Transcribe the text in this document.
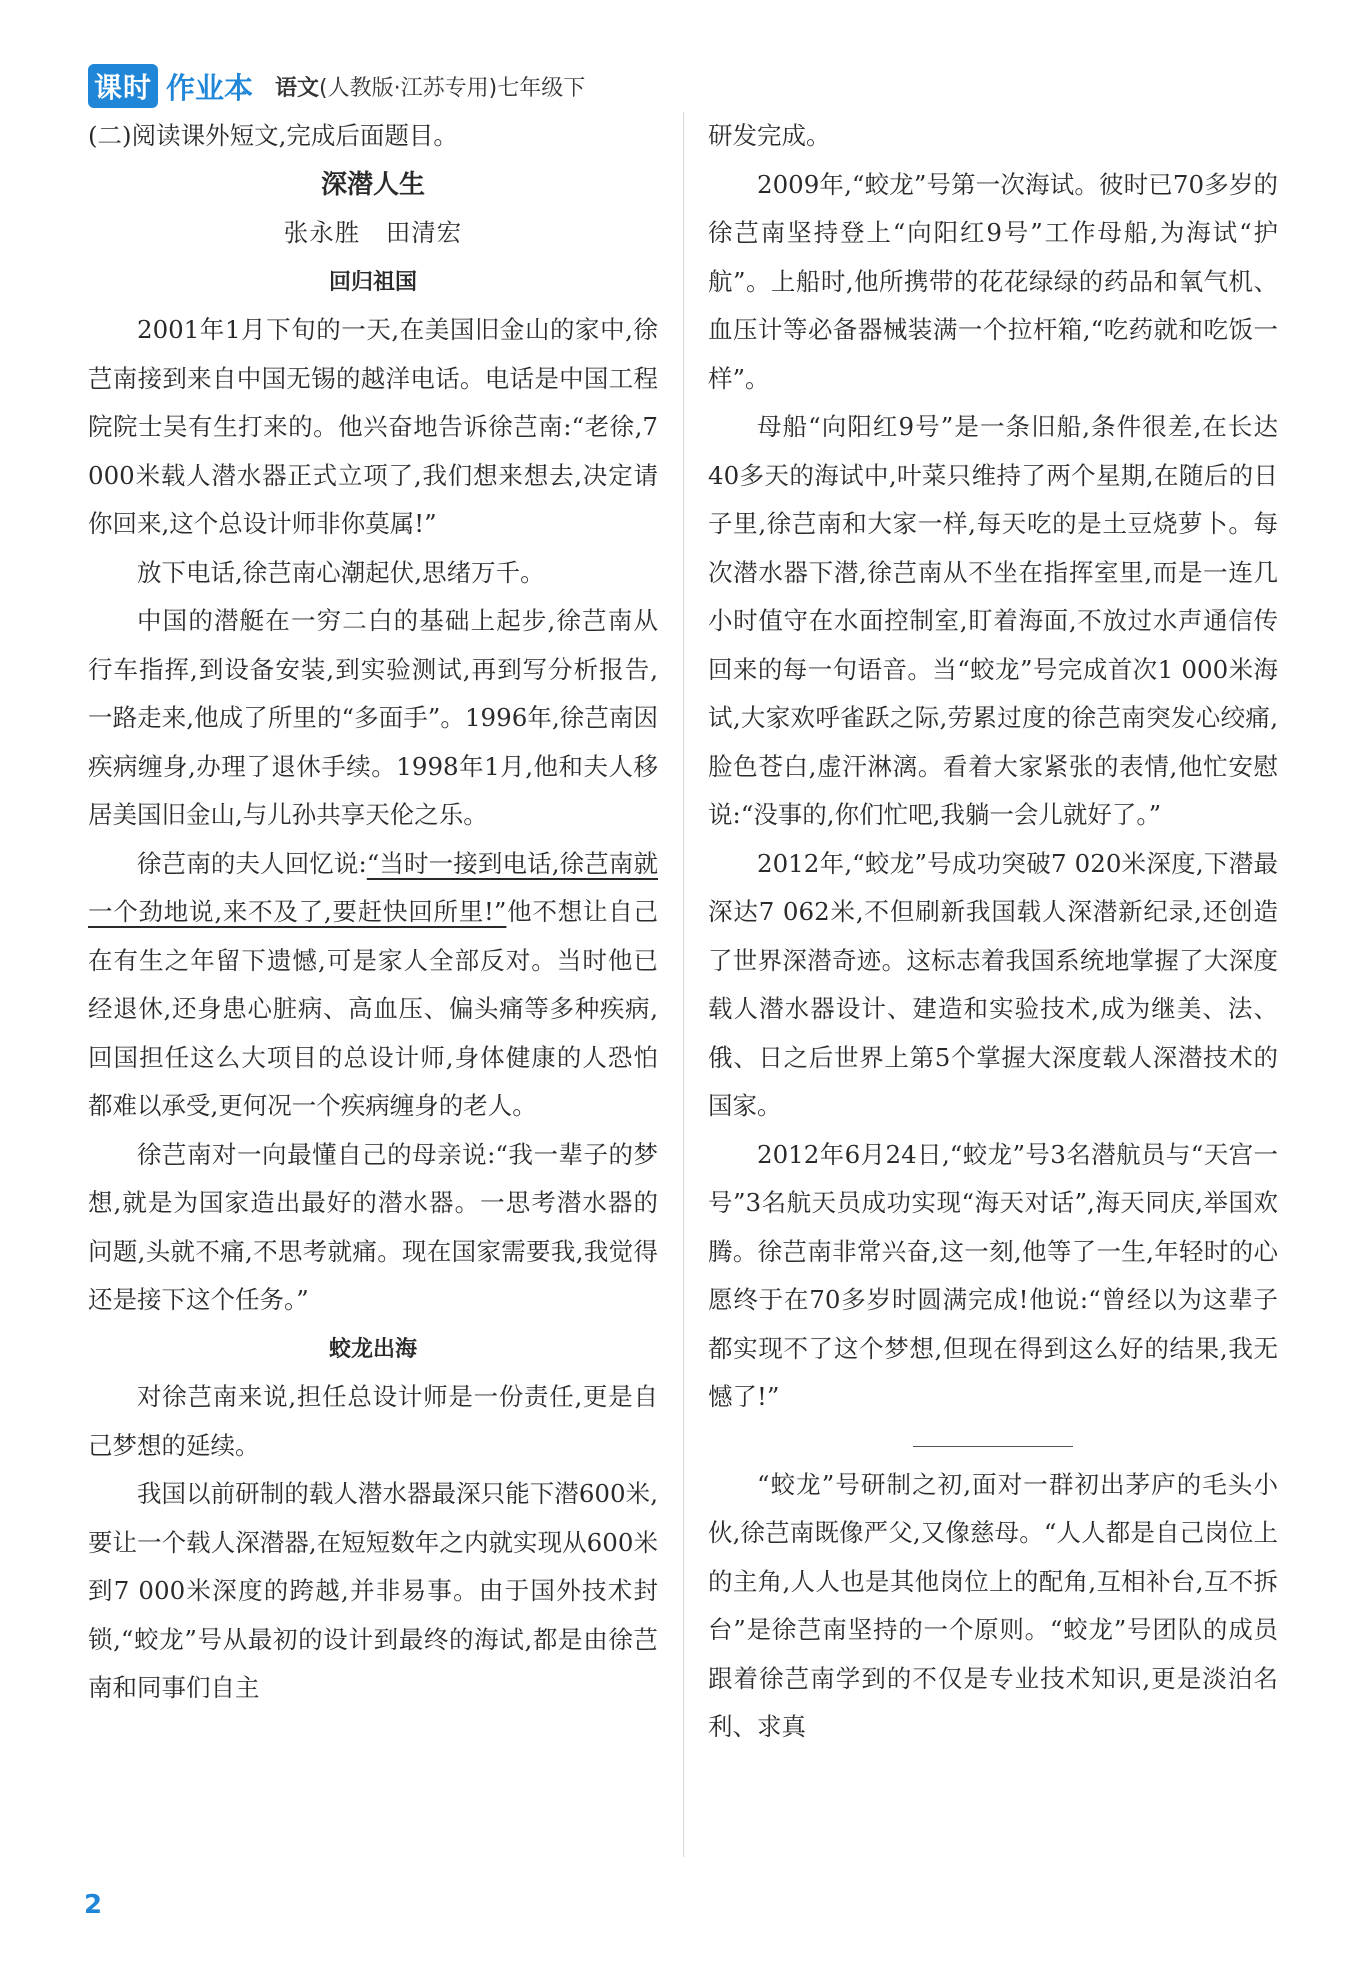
课时 作业本 语文 (人教版·江苏专用)七年级下

(二)阅读课外短文,完成后面题目。

深潜人生

张永胜　田清宏

回归祖国

2001年1月下旬的一天,在美国旧金山的家中,徐芑南接到来自中国无锡的越洋电话。电话是中国工程院院士吴有生打来的。他兴奋地告诉徐芑南:“老徐,7 000米载人潜水器正式立项了,我们想来想去,决定请你回来,这个总设计师非你莫属!”

放下电话,徐芑南心潮起伏,思绪万千。

中国的潜艇在一穷二白的基础上起步,徐芑南从行车指挥,到设备安装,到实验测试,再到写分析报告,一路走来,他成了所里的“多面手”。1996年,徐芑南因疾病缠身,办理了退休手续。1998年1月,他和夫人移居美国旧金山,与儿孙共享天伦之乐。

徐芑南的夫人回忆说:“当时一接到电话,徐芑南就一个劲地说,来不及了,要赶快回所里!”他不想让自己在有生之年留下遗憾,可是家人全部反对。当时他已经退休,还身患心脏病、高血压、偏头痛等多种疾病,回国担任这么大项目的总设计师,身体健康的人恐怕都难以承受,更何况一个疾病缠身的老人。

徐芑南对一向最懂自己的母亲说:“我一辈子的梦想,就是为国家造出最好的潜水器。一思考潜水器的问题,头就不痛,不思考就痛。现在国家需要我,我觉得还是接下这个任务。”

蛟龙出海

对徐芑南来说,担任总设计师是一份责任,更是自己梦想的延续。

我国以前研制的载人潜水器最深只能下潜600米,要让一个载人深潜器,在短短数年之内就实现从600米到7 000米深度的跨越,并非易事。由于国外技术封锁,“蛟龙”号从最初的设计到最终的海试,都是由徐芑南和同事们自主

研发完成。

2009年,“蛟龙”号第一次海试。彼时已70多岁的徐芑南坚持登上“向阳红9号”工作母船,为海试“护航”。上船时,他所携带的花花绿绿的药品和氧气机、血压计等必备器械装满一个拉杆箱,“吃药就和吃饭一样”。

母船“向阳红9号”是一条旧船,条件很差,在长达40多天的海试中,叶菜只维持了两个星期,在随后的日子里,徐芑南和大家一样,每天吃的是土豆烧萝卜。每次潜水器下潜,徐芑南从不坐在指挥室里,而是一连几小时值守在水面控制室,盯着海面,不放过水声通信传回来的每一句语音。当“蛟龙”号完成首次1 000米海试,大家欢呼雀跃之际,劳累过度的徐芑南突发心绞痛,脸色苍白,虚汗淋漓。看着大家紧张的表情,他忙安慰说:“没事的,你们忙吧,我躺一会儿就好了。”

2012年,“蛟龙”号成功突破7 020米深度,下潜最深达7 062米,不但刷新我国载人深潜新纪录,还创造了世界深潜奇迹。这标志着我国系统地掌握了大深度载人潜水器设计、建造和实验技术,成为继美、法、俄、日之后世界上第5个掌握大深度载人深潜技术的国家。

2012年6月24日,“蛟龙”号3名潜航员与“天宫一号”3名航天员成功实现“海天对话”,海天同庆,举国欢腾。徐芑南非常兴奋,这一刻,他等了一生,年轻时的心愿终于在70多岁时圆满完成!他说:“曾经以为这辈子都实现不了这个梦想,但现在得到这么好的结果,我无憾了!”

“蛟龙”号研制之初,面对一群初出茅庐的毛头小伙,徐芑南既像严父,又像慈母。“人人都是自己岗位上的主角,人人也是其他岗位上的配角,互相补台,互不拆台”是徐芑南坚持的一个原则。“蛟龙”号团队的成员跟着徐芑南学到的不仅是专业技术知识,更是淡泊名利、求真

2
